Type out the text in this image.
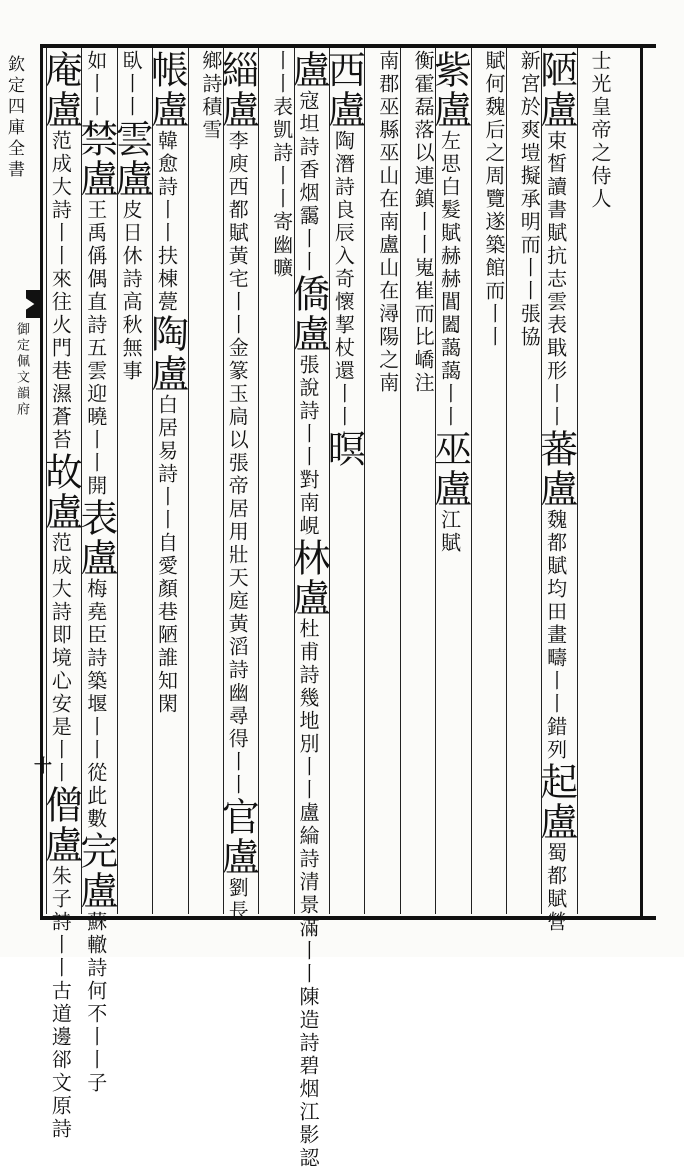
欽定四庫全書
御定佩文韻府
十
士光皇帝之侍人
陋盧束皙讀書賦抗志雲表戢形丨丨蕃盧魏都賦均田畫疇丨丨錯列起盧蜀都賦營
新宮於爽塏擬承明而丨丨張協
賦何魏后之周覽遂築館而丨丨
紫盧左思白髮賦赫赫閶闔藹藹丨丨巫盧江賦
衡霍磊落以連鎮丨丨嵬崔而比嶠注
南郡巫縣巫山在南盧山在潯陽之南
西盧陶潛詩良辰入奇懷挈杖還丨丨暝
盧寇坦詩香烟靄丨丨僑盧張說詩丨丨對南峴林盧杜甫詩幾地別丨丨盧綸詩清景滿丨丨陳造詩碧烟江影認
丨丨表凱詩丨丨寄幽曠
緇盧李庾西都賦黃宅丨丨金篆玉扃以張帝居用壯天庭黃滔詩幽尋得丨丨官盧劉長
鄉詩積雪
帳盧韓愈詩丨丨扶棟甍陶盧白居易詩丨丨自愛顏巷陋誰知閑
臥丨丨雲盧皮日休詩高秋無事
如丨丨禁盧王禹偁偶直詩五雲迎曉丨丨開表盧梅堯臣詩築堰丨丨從此數完盧蘇轍詩何不丨丨子
庵盧范成大詩丨丨來往火門巷濕蒼苔故盧范成大詩即境心安是丨丨僧盧朱子詩丨丨古道邊郤文原詩
